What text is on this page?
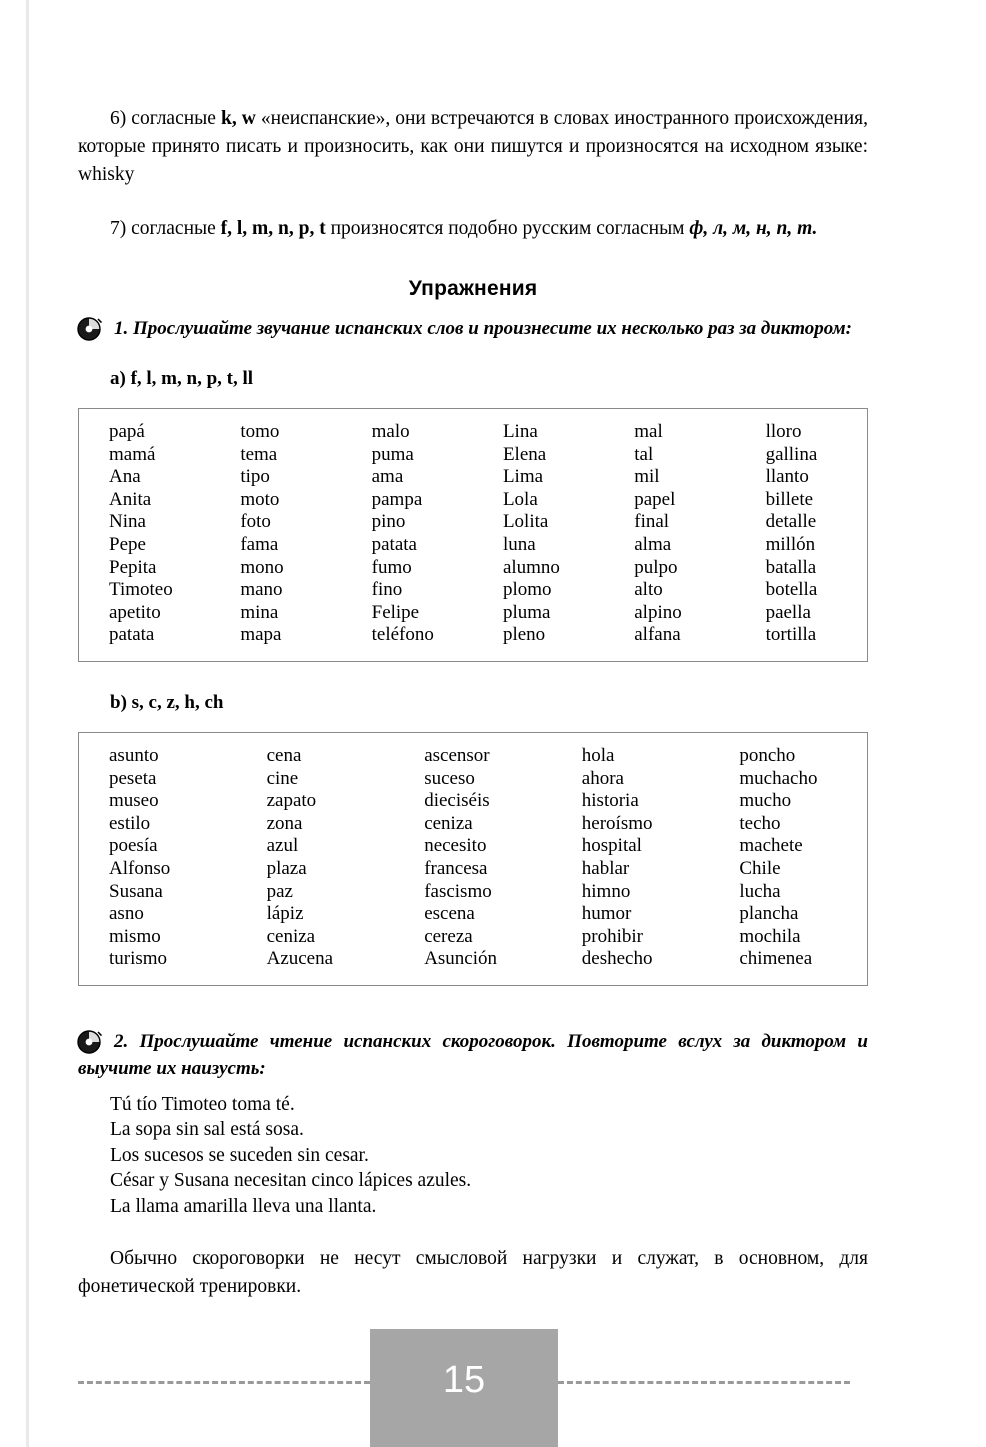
6) согласные k, w «неиспанские», они встречаются в словах иностранного происхождения, которые принято писать и произносить, как они пишутся и произносятся на исходном языке: whisky

7) согласные f, l, m, n, p, t произносятся подобно русским согласным ф, л, м, н, п, т.

Упражнения
1. Прослушайте звучание испанских слов и произнесите их несколько раз за диктором:
a) f, l, m, n, p, t, ll
papá
mamá
Ana
Anita
Nina
Pepe
Pepita
Timoteo
apetito
patata
tomo
tema
tipo
moto
foto
fama
mono
mano
mina
mapa
malo
puma
ama
pampa
pino
patata
fumo
fino
Felipe
teléfono
Lina
Elena
Lima
Lola
Lolita
luna
alumno
plomo
pluma
pleno
mal
tal
mil
papel
final
alma
pulpo
alto
alpino
alfana
lloro
gallina
llanto
billete
detalle
millón
batalla
botella
paella
tortilla
b) s, c, z, h, ch
asunto
peseta
museo
estilo
poesía
Alfonso
Susana
asno
mismo
turismo
cena
cine
zapato
zona
azul
plaza
paz
lápiz
ceniza
Azucena
ascensor
suceso
dieciséis
ceniza
necesito
francesa
fascismo
escena
cereza
Asunción
hola
ahora
historia
heroísmo
hospital
hablar
himno
humor
prohibir
deshecho
poncho
muchacho
mucho
techo
machete
Chile
lucha
plancha
mochila
chimenea
2. Прослушайте чтение испанских скороговорок. Повторите вслух за диктором и выучите их наизусть:
Tú tío Timoteo toma té.
La sopa sin sal está sosa.
Los sucesos se suceden sin cesar.
César y Susana necesitan cinco lápices azules.
La llama amarilla lleva una llanta.

Обычно скороговорки не несут смысловой нагрузки и служат, в основном, для фонетической тренировки.

15
